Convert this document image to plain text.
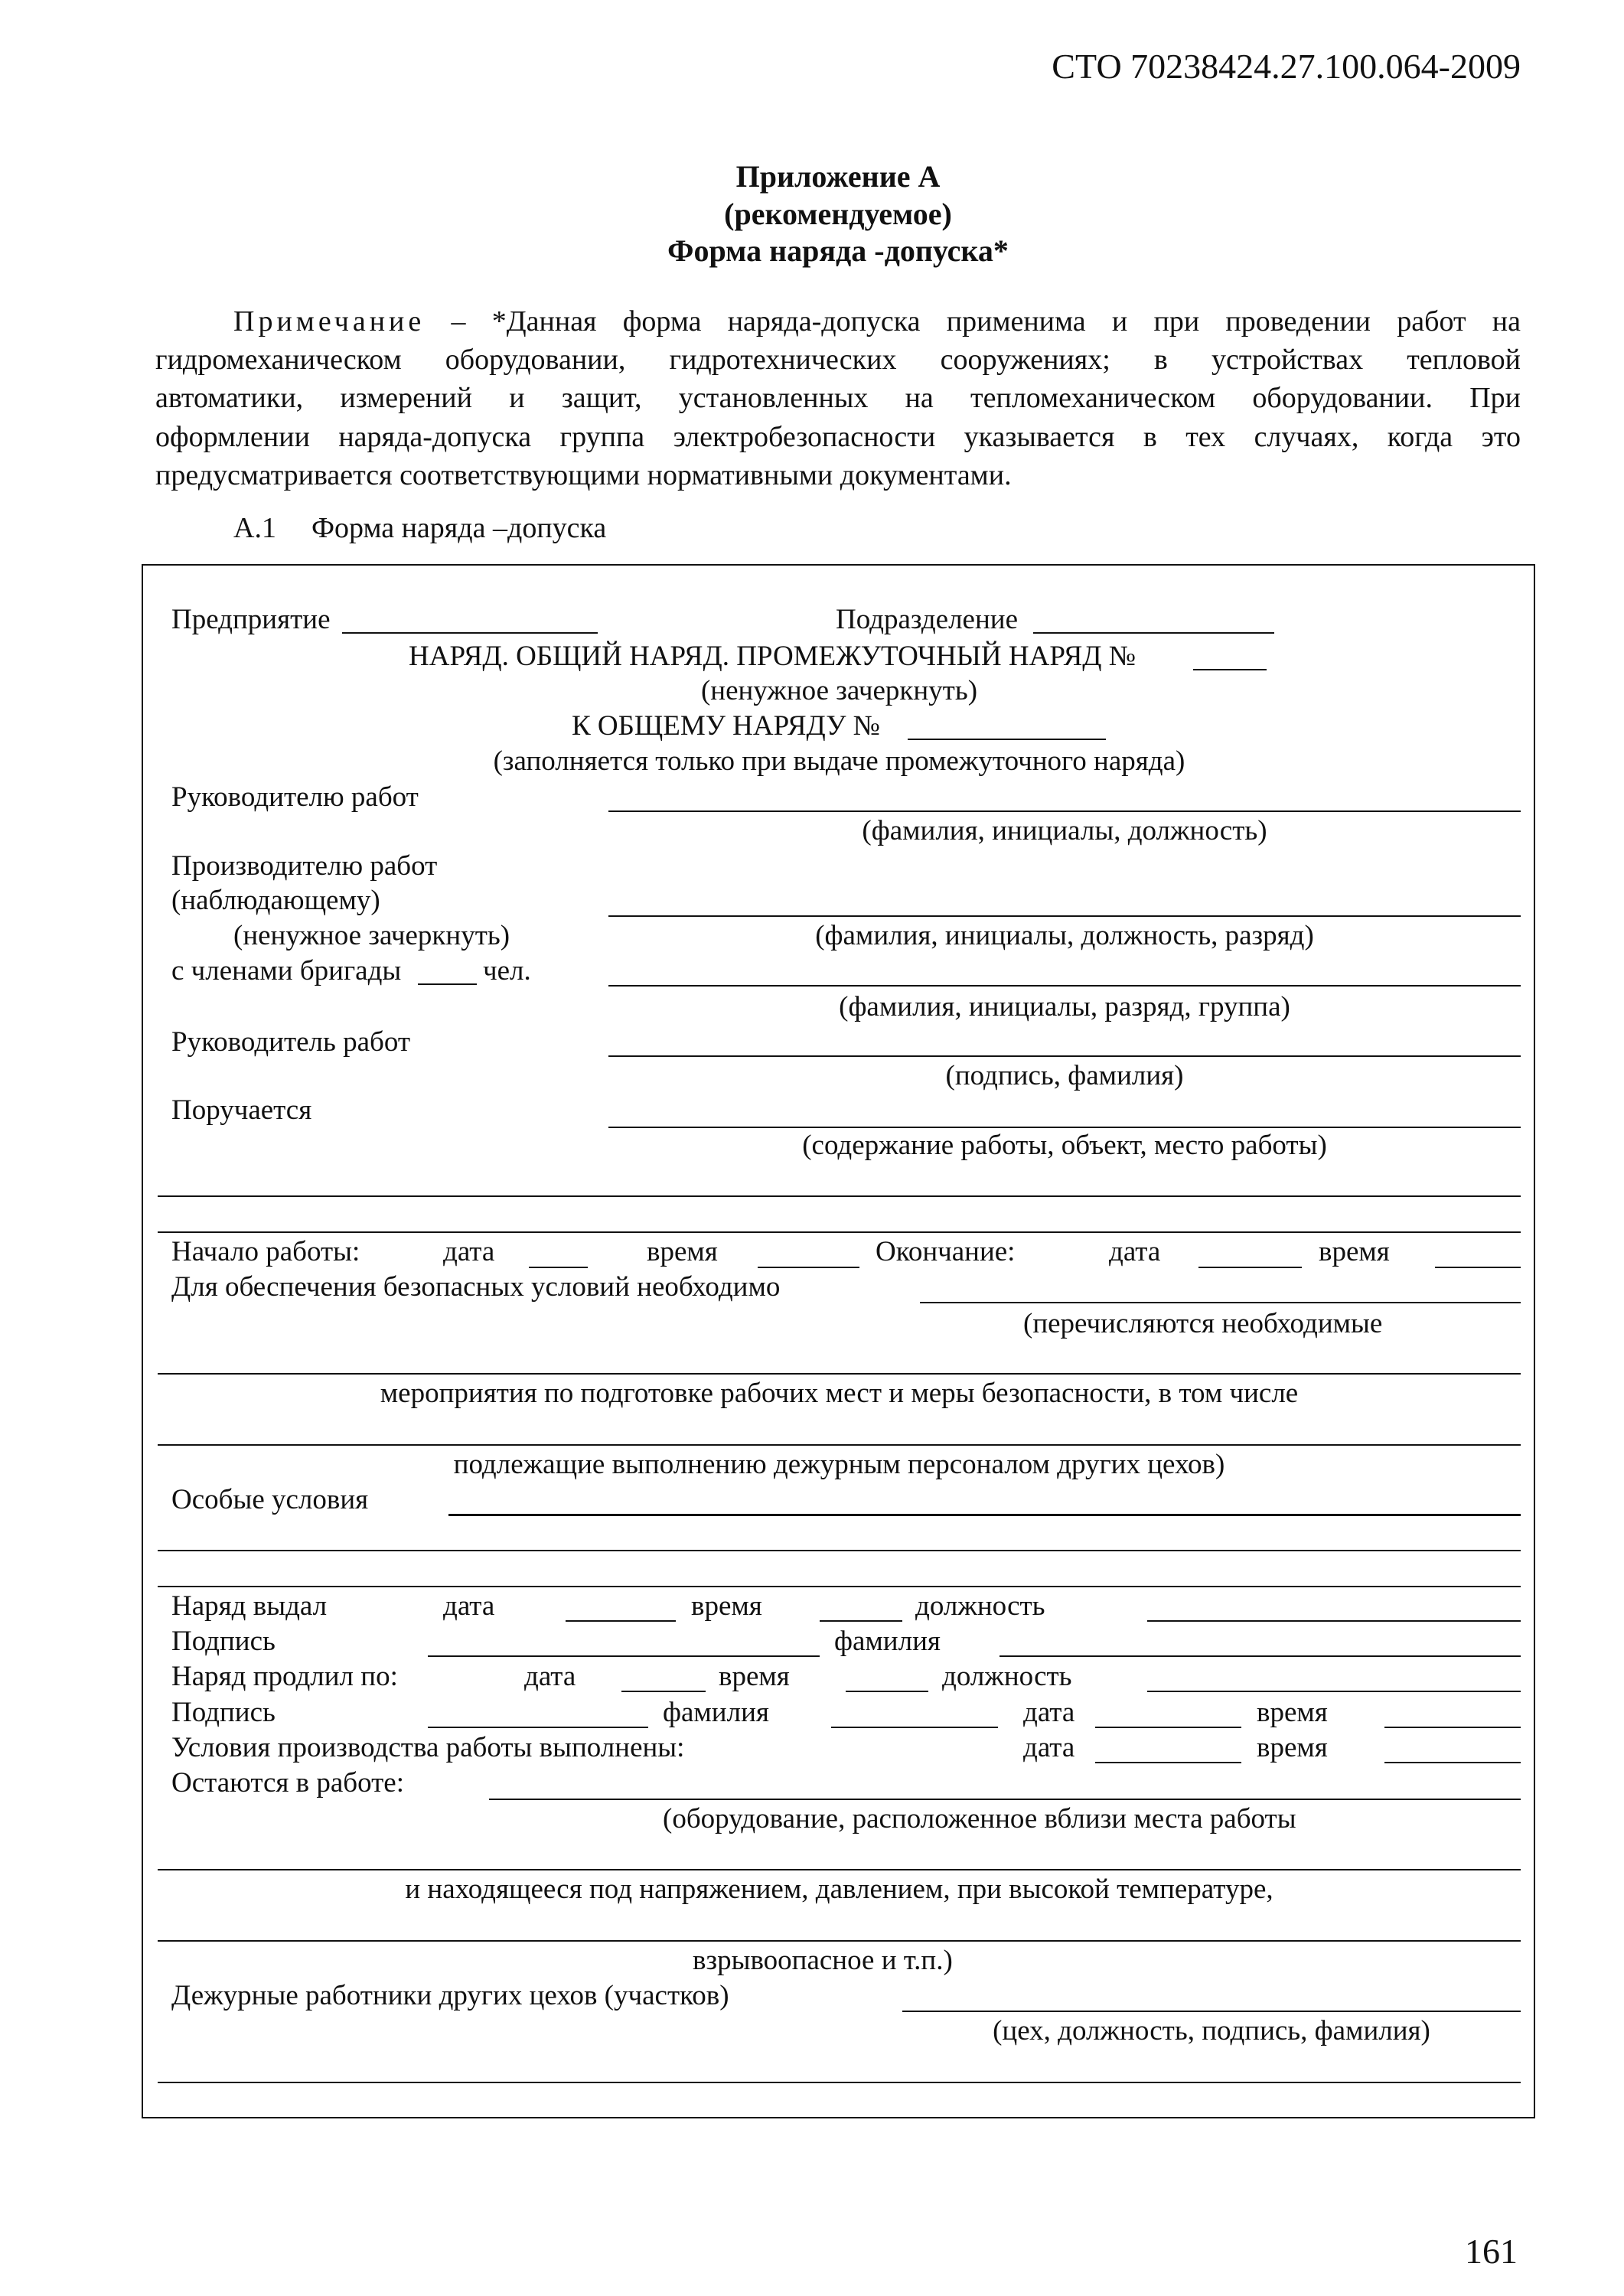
СТО 70238424.27.100.064-2009
Приложение А
(рекомендуемое)
Форма наряда -допуска*
Примечание – *Данная форма наряда-допуска применима и при проведении работ на
гидромеханическом оборудовании, гидротехнических сооружениях; в устройствах тепловой
автоматики, измерений и защит, установленных на тепломеханическом оборудовании. При
оформлении наряда-допуска группа электробезопасности указывается в тех случаях, когда это
предусматривается соответствующими нормативными документами.
А.1 Форма наряда –допуска
Предприятие	Подразделение
НАРЯД. ОБЩИЙ НАРЯД. ПРОМЕЖУТОЧНЫЙ НАРЯД №
(ненужное зачеркнуть)
К ОБЩЕМУ НАРЯДУ №
(заполняется только при выдаче промежуточного наряда)
Руководителю работ
(фамилия, инициалы, должность)
Производителю работ
(наблюдающему)
(ненужное зачеркнуть)	(фамилия, инициалы, должность, разряд)
с членами бригады	чел.
(фамилия, инициалы, разряд, группа)
Руководитель работ
(подпись, фамилия)
Поручается
(содержание работы, объект, место работы)
Начало работы:	дата	время	Окончание:	дата	время
Для обеспечения безопасных условий необходимо
(перечисляются необходимые
мероприятия по подготовке рабочих мест и меры безопасности, в том числе
подлежащие выполнению дежурным персоналом других цехов)
Особые условия
Наряд выдал	дата	время	должность
Подпись	фамилия
Наряд продлил по:	дата	время	должность
Подпись	фамилия	дата	время
Условия производства работы выполнены:	дата	время
Остаются в работе:
(оборудование, расположенное вблизи места работы
и находящееся под напряжением, давлением, при высокой температуре,
взрывоопасное и т.п.)
Дежурные работники других цехов (участков)
(цех, должность, подпись, фамилия)
161
